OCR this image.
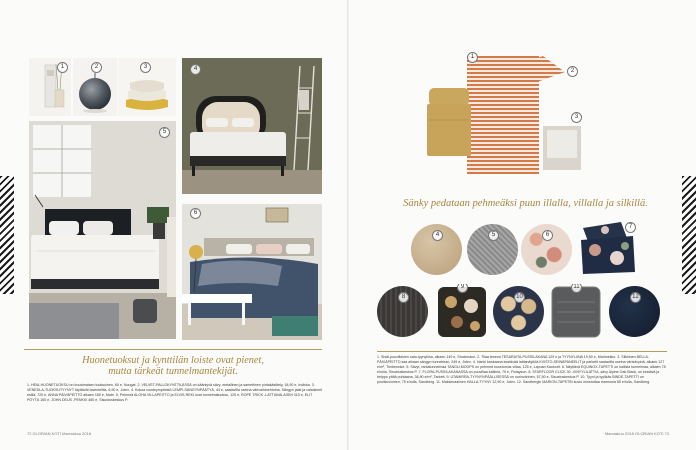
1	2	3	4
5
6
Huonetuoksut ja kynttilän loiste ovat pienet,
mutta tärkeät tunnelmantekijät.

1. HEIA-HUONETUOKSU on kuusimaisen tuoksuinen, 60 e, Nougat. 2. VELVET-PALLOKYNTTILÄSSÄ on kääntyvä sävy, metallinen ja samettinen pintakäsittely, 18,90 e, Indiska. 3. VENEDLA-TUOKSUTYYNYT täyttävät laventelilla, 6,90 e, Jotex. 4. Kokoa vuodeympäristö LEMPI-SÄNGYNPÄÄTYÄ, 44 e, saatavilla useina värivaihtoehtoina. Sängyn jalat ja valaisimet esillä, 720 e, ANNA PÄIVÄPEITTO alkaen 160 e, Matri. 5. Pehmeä ALOHA VILLAPEITTO ja ELVIS-REKI ovat tunnelmatuoksu, 125 e, ROPE TRICK -LATTIAVALAISIN 315 e, ELIT PÖYTÄ 160 e, JOHN DEUS -PENKKI 480 e, Sisustuskeskus P.

72 GLORIAN KOTI Marraskuu 2018
1
2
3
Sänky pedataan pehmeäksi puun illalla, villalla ja silkillä.
4	5	6
7
8
9
10
11
12

1. Sisäl-puuvillainen satu-tyynyliina, alkaen 149 e, Stockmann. 2. Tilaa teneva TESARAITA-PUSSILAKANA 129 e ja TYYNYLIINA 19,50 e, Marimekko. 3. Silkkinen BELLA-PÄIVÄPEITTO saa aikaan sängyn tunnelman, 249 e, Jotex. 4. Hanki kankaana kestävää lattianäyttöä KVISTO-SEINÄPANEELIT ja parketit saatavilla useina värisävyinä, alkaen 127 e/m², Timberwise. 5. Sävyt, rantatunnelmaa TANGU-MOOPS on pehmeä koostumus villaa, 125 e, Lapuan Kankurit. 6. Näyttävä EQUINOX-TAPETTI on kallista tunnelmaa, alkaen 78 e/rulla, Sisustuskeskus P. 7. FLORA-PUSSILAKANASSA on puuvillaa satiinia, 79 e, Finlayson. 8. STARFLOOR CLICK 30 -VINYYLILATTIA, sävy Alpine Oak Black, on kestävä ja helppo pitää puhtaana, 36,90 e/m², Tarkett. 9. UTAMIRRA-TYYNYNPÄÄLLISESSÄ on nurinvärinen, 57,50 e, Sisustuskeskus P. 10. Tyyni ja tyylikäs BINDE-TAPETTI on puolikuvioinen, 75 e/rulla, Sandberg. 11. Maksimaalinen HALLA-TYYNY 12,90 e, Jotex. 12. Sandbergin MARION-TAPETIN kuvio muistuttaa marmoria 85 e/rulla, Sandberg.

Marraskuu 2018 GLORIAN KOTI 73
